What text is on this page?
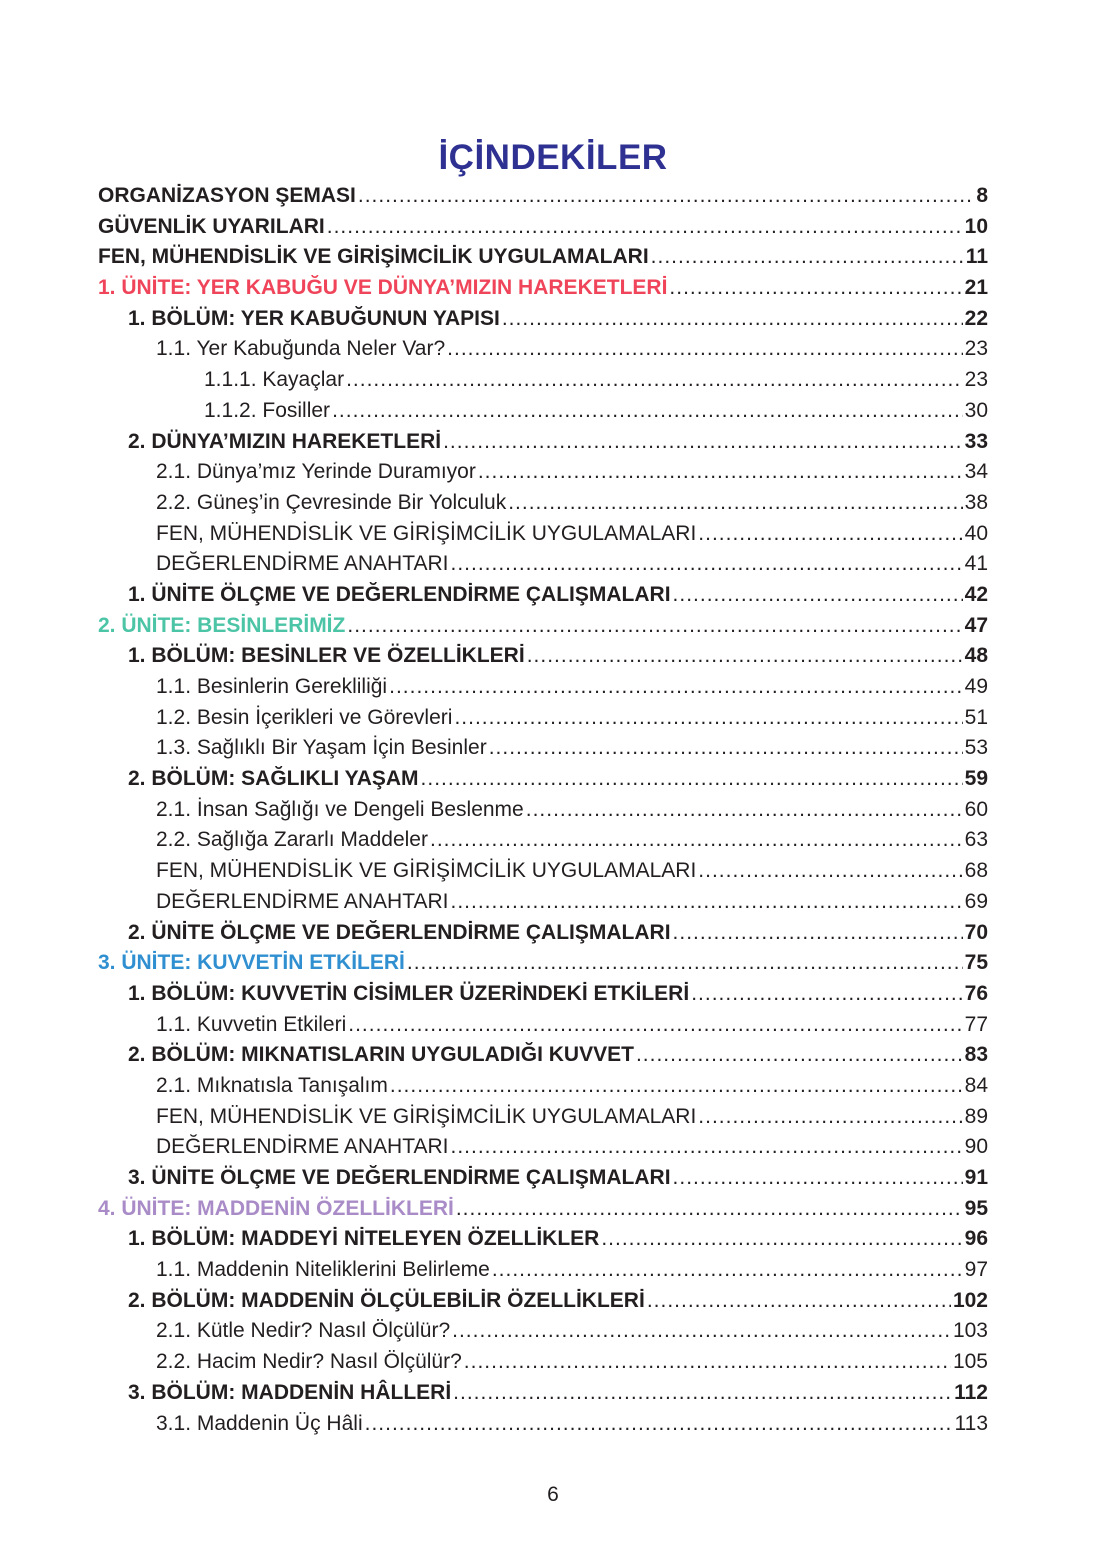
İÇİNDEKİLER
ORGANİZASYON ŞEMASI .....	8
GÜVENLİK UYARILARI .....	10
FEN, MÜHENDİSLİK VE GİRİŞİMCİLİK UYGULAMALARI .....	11
1. ÜNİTE: YER KABUĞU VE DÜNYA’MIZIN HAREKETLERİ .....	21
1. BÖLÜM: YER KABUĞUNUN YAPISI .....	22
1.1. Yer Kabuğunda Neler Var? .....	23
1.1.1. Kayaçlar .....	23
1.1.2. Fosiller .....	30
2. DÜNYA’MIZIN HAREKETLERİ .....	33
2.1. Dünya’mız Yerinde Duramıyor .....	34
2.2. Güneş’in Çevresinde Bir Yolculuk .....	38
FEN, MÜHENDİSLİK VE GİRİŞİMCİLİK UYGULAMALARI .....	40
DEĞERLENDİRME ANAHTARI .....	41
1. ÜNİTE ÖLÇME VE DEĞERLENDİRME ÇALIŞMALARI .....	42
2. ÜNİTE: BESİNLERİMİZ .....	47
1. BÖLÜM: BESİNLER VE ÖZELLİKLERİ .....	48
1.1. Besinlerin Gerekliliği .....	49
1.2. Besin İçerikleri ve Görevleri .....	51
1.3. Sağlıklı Bir Yaşam İçin Besinler .....	53
2. BÖLÜM: SAĞLIKLI YAŞAM .....	59
2.1. İnsan Sağlığı ve Dengeli Beslenme .....	60
2.2. Sağlığa Zararlı Maddeler .....	63
FEN, MÜHENDİSLİK VE GİRİŞİMCİLİK UYGULAMALARI .....	68
DEĞERLENDİRME ANAHTARI .....	69
2. ÜNİTE ÖLÇME VE DEĞERLENDİRME ÇALIŞMALARI .....	70
3. ÜNİTE: KUVVETİN ETKİLERİ .....	75
1. BÖLÜM: KUVVETİN CİSİMLER ÜZERİNDEKİ ETKİLERİ .....	76
1.1. Kuvvetin Etkileri .....	77
2. BÖLÜM: MIKNATISLARIN UYGULADIĞI KUVVET .....	83
2.1. Mıknatısla Tanışalım .....	84
FEN, MÜHENDİSLİK VE GİRİŞİMCİLİK UYGULAMALARI .....	89
DEĞERLENDİRME ANAHTARI .....	90
3. ÜNİTE ÖLÇME VE DEĞERLENDİRME ÇALIŞMALARI .....	91
4. ÜNİTE: MADDENİN ÖZELLİKLERİ .....	95
1. BÖLÜM: MADDEYİ NİTELEYEN ÖZELLİKLER .....	96
1.1. Maddenin Niteliklerini Belirleme .....	97
2. BÖLÜM: MADDENİN ÖLÇÜLEBİLİR ÖZELLİKLERİ .....	102
2.1. Kütle Nedir? Nasıl Ölçülür? .....	103
2.2. Hacim Nedir? Nasıl Ölçülür? .....	105
3. BÖLÜM: MADDENİN HÂLLERİ .....	112
3.1. Maddenin Üç Hâli .....	113
6
